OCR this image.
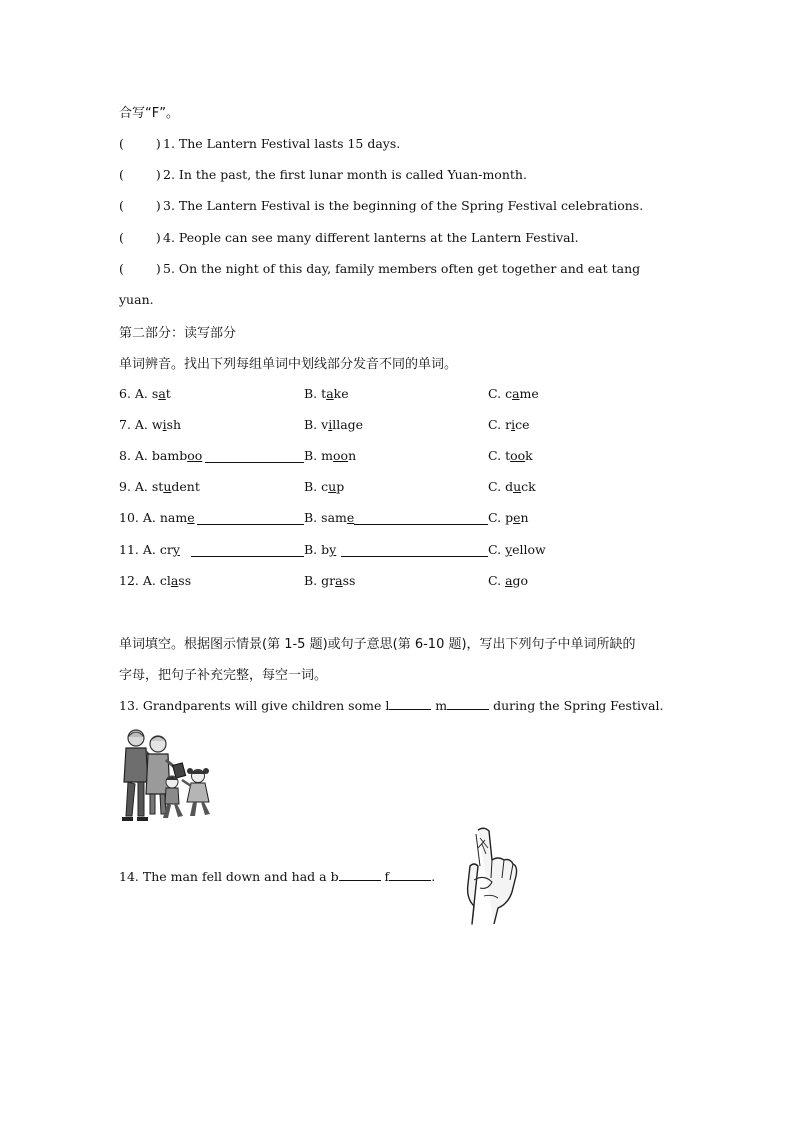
合写“F”。
(	) 1. The Lantern Festival lasts 15 days.
(	) 2. In the past, the first lunar month is called Yuan-month.
(	) 3. The Lantern Festival is the beginning of the Spring Festival celebrations.
(	) 4. People can see many different lanterns at the Lantern Festival.
(	) 5. On the night of this day, family members often get together and eat tang
yuan.
第二部分：读写部分
单词辨音。找出下列每组单词中划线部分发音不同的单词。
6. A. sat	B. take	C. came
7. A. wish	B. village	C. rice
8. A. bamboo	B. moon	C. took
9. A. student	B. cup	C. duck
10. A. name	B. same	C. pen
11. A. cry	B. by	C. yellow
12. A. class	B. grass	C. ago
单词填空。根据图示情景(第 1-5 题)或句子意思(第 6-10 题)，写出下列句子中单词所缺的
字母，把句子补充完整，每空一词。
13. Grandparents will give children some l	m	during the Spring Festival.
14. The man fell down and had a b	f	.
